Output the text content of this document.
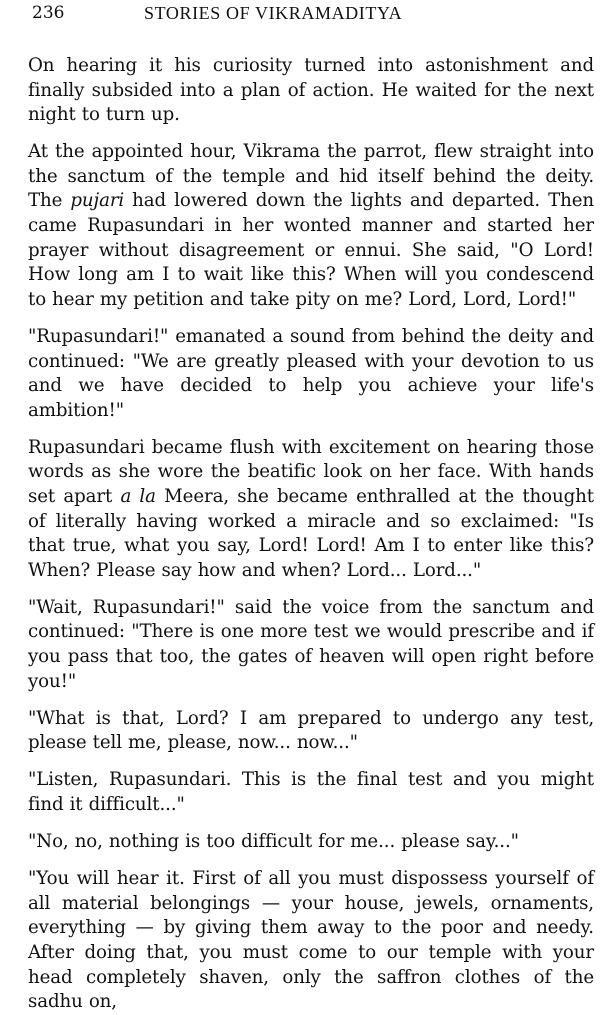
236	STORIES OF VIKRAMADITYA

On hearing it his curiosity turned into astonishment and finally subsided into a plan of action. He waited for the next night to turn up.

At the appointed hour, Vikrama the parrot, flew straight into the sanctum of the temple and hid itself behind the deity. The pujari had lowered down the lights and departed. Then came Rupasundari in her wonted manner and started her prayer without disagreement or ennui. She said, "O Lord! How long am I to wait like this? When will you condescend to hear my petition and take pity on me? Lord, Lord, Lord!"

"Rupasundari!" emanated a sound from behind the deity and continued: "We are greatly pleased with your devotion to us and we have decided to help you achieve your life's ambition!"

Rupasundari became flush with excitement on hearing those words as she wore the beatific look on her face. With hands set apart a la Meera, she became enthralled at the thought of literally having worked a miracle and so exclaimed: "Is that true, what you say, Lord! Lord! Am I to enter like this? When? Please say how and when? Lord... Lord..."

"Wait, Rupasundari!" said the voice from the sanctum and continued: "There is one more test we would prescribe and if you pass that too, the gates of heaven will open right before you!"

"What is that, Lord? I am prepared to undergo any test, please tell me, please, now... now..."

"Listen, Rupasundari. This is the final test and you might find it difficult..."

"No, no, nothing is too difficult for me... please say..."

"You will hear it. First of all you must dispossess yourself of all material belongings — your house, jewels, ornaments, everything — by giving them away to the poor and needy. After doing that, you must come to our temple with your head completely shaven, only the saffron clothes of the sadhu on,
